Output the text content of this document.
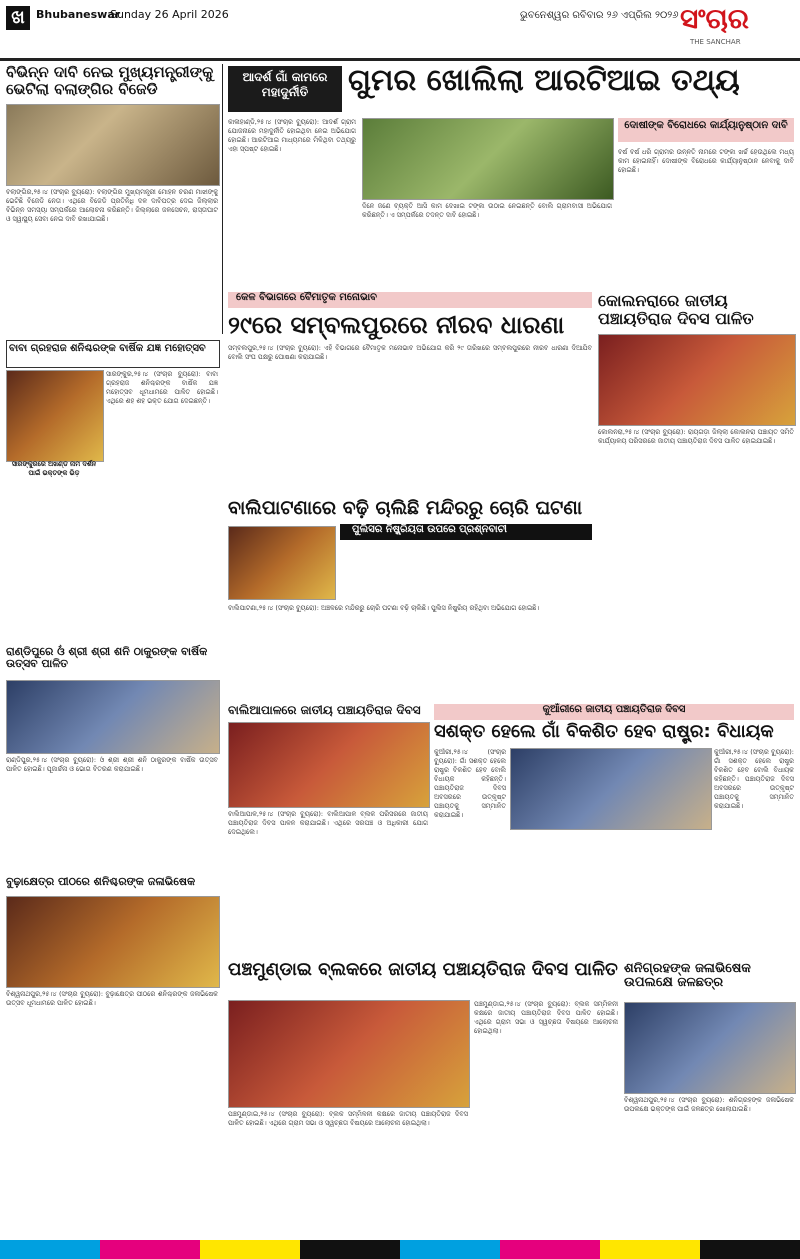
ଖ	Bhubaneswar
Sunday 26 April 2026	ଭୁବନେଶ୍ୱର ରବିବାର ୨୬ ଏପ୍ରିଲ ୨୦୨୬ ସଂଚାର
THE SANCHAR
ବିଭିନ୍ନ ଦାବି ନେଇ ମୁଖ୍ୟମନ୍ତ୍ରୀଙ୍କୁ ଭେଟିଲା ବଲାଙ୍ଗିର ବିଜେଡି
ବଲାଙ୍ଗିର,୨୫।୪ (ସଂଚାର ବ୍ୟୁରୋ): ବଲାଙ୍ଗିର ମୁଖ୍ୟମନ୍ତ୍ରୀ ମୋହନ ଚରଣ ମାଝୀଙ୍କୁ ଭେଟିଛି ବିଜେଡି ନେତା। ଏଥିରେ ବିଜେଡି ପ୍ରତିନିଧି ଦଳ ଦାବିପତ୍ର ଦେଇ ଜିଲ୍ଲାର ବିଭିନ୍ନ ସମସ୍ୟା ସମ୍ପର୍କରେ ଆଲୋଚନା କରିଛନ୍ତି। ଜିଲ୍ଲାରେ ଜଳସେଚନ, ରାସ୍ତାଘାଟ ଓ ସ୍ୱାସ୍ଥ୍ୟ ସେବା ନେଇ ଦାବି ରଖାଯାଇଛି।
ଆଦର୍ଶ ଗାଁ କାମରେ ମହାଦୁର୍ନୀତି	ଗୁମର ଖୋଲିଲା ଆରଟିଆଇ ତଥ୍ୟ
କାଳାହାଣ୍ଡି,୨୫।୪ (ସଂଚାର ବ୍ୟୁରୋ): ଆଦର୍ଶ ଗ୍ରାମ ଯୋଜନାରେ ମହାଦୁର୍ନୀତି ହୋଇଥିବା ନେଇ ଅଭିଯୋଗ ହୋଇଛି। ଆରଟିଆଇ ମାଧ୍ୟମରେ ମିଳିଥିବା ତଥ୍ୟରୁ ଏହା ସ୍ପଷ୍ଟ ହୋଇଛି।
ଦିନେ ଜଣେ ବ୍ୟକ୍ତି ଆସି କାମ ଦେଖାଇ ଟଙ୍କା ଉଠାଇ ନେଇଛନ୍ତି ବୋଲି ଗ୍ରାମବାସୀ ଅଭିଯୋଗ କରିଛନ୍ତି। ଏ ସମ୍ପର୍କରେ ତଦନ୍ତ ଦାବି ହୋଇଛି।
ଦୋଷୀଙ୍କ ବିରୋଧରେ କାର୍ଯ୍ୟାନୁଷ୍ଠାନ ଦାବି
ବର୍ଷ ବର୍ଷ ଧରି ଗ୍ରାମର ଉନ୍ନତି ନାମରେ ଟଙ୍କା ଖର୍ଚ୍ଚ ହେଉଥିଲେ ମଧ୍ୟ କାମ ହୋଇନାହିଁ। ଦୋଷୀଙ୍କ ବିରୋଧରେ କାର୍ଯ୍ୟାନୁଷ୍ଠାନ ନେବାକୁ ଦାବି ହୋଇଛି।
କେଳ ବିଭାଗରେ ବୈମାତୃକ ମନୋଭାବ
୨୯ରେ ସମ୍ବଲପୁରରେ ନୀରବ ଧାରଣା
ସମ୍ବଲପୁର,୨୫।୪ (ସଂଚାର ବ୍ୟୁରୋ): ଏହି ବିଭାଗରେ ବୈମାତୃକ ମନୋଭାବ ଅଭିଯୋଗ କରି ୨୯ ତାରିଖରେ ସମ୍ବଲପୁରରେ ନୀରବ ଧାରଣା ଦିଆଯିବ ବୋଲି ସଂଘ ପକ୍ଷରୁ ଘୋଷଣା କରାଯାଇଛି।
ବାବା ଗ୍ରହରାଜ ଶନିଶ୍ଚରଙ୍କ ବାର୍ଷିକ ଯଜ୍ଞ ମହୋତ୍ସବ
ସାରଙ୍କୁରରେ ଅଖଣ୍ଡ ନାମ ଦର୍ଶନ ପାଇଁ ଭକ୍ତଙ୍କ ଭିଡ଼
ସାରଙ୍କୁର,୨୫।୪ (ସଂଚାର ବ୍ୟୁରୋ): ବାବା ଗ୍ରହରାଜ ଶନିଶ୍ଚରଙ୍କ ବାର୍ଷିକ ଯଜ୍ଞ ମହୋତ୍ସବ ଧୂମଧାମରେ ପାଳିତ ହୋଇଛି। ଏଥିରେ ଶହ ଶହ ଭକ୍ତ ଯୋଗ ଦେଇଛନ୍ତି।
କୋଲନରାରେ ଜାତୀୟ ପଞ୍ଚାୟତିରାଜ ଦିବସ ପାଳିତ
କୋଲନରା,୨୫।୪ (ସଂଚାର ବ୍ୟୁରୋ): ରାୟଗଡ଼ା ଜିଲ୍ଲା କୋଲନରା ପଞ୍ଚାୟତ ସମିତି କାର୍ଯ୍ୟାଳୟ ପରିସରରେ ଜାତୀୟ ପଞ୍ଚାୟତିରାଜ ଦିବସ ପାଳିତ ହୋଇଯାଇଛି।
ବାଲିପାଟଣାରେ ବଢ଼ି ଚାଲିଛି ମନ୍ଦିରରୁ ଚୋରି ଘଟଣା
ପୁଲିସର ନିଷ୍କ୍ରିୟତା ଉପରେ ପ୍ରଶ୍ନବାଚୀ
ବାଲିପାଟଣା,୨୫।୪ (ସଂଚାର ବ୍ୟୁରୋ): ଅଞ୍ଚଳରେ ମନ୍ଦିରରୁ ଚୋରି ଘଟଣା ବଢ଼ି ଚାଲିଛି। ପୁଲିସ ନିଷ୍କ୍ରିୟ ରହିଥିବା ଅଭିଯୋଗ ହୋଇଛି।
ରାଣ୍ଡିପୁରେ ଓଁ ଶ୍ରୀ ଶ୍ରୀ ଶନି ଠାକୁରଙ୍କ ବାର୍ଷିକ ଉତ୍ସବ ପାଳିତ
ରାଣ୍ଡିପୁର,୨୫।୪ (ସଂଚାର ବ୍ୟୁରୋ): ଓଁ ଶ୍ରୀ ଶ୍ରୀ ଶନି ଠାକୁରଙ୍କ ବାର୍ଷିକ ଉତ୍ସବ ପାଳିତ ହୋଇଛି। ପୂଜାର୍ଚ୍ଚନା ଓ ଭୋଗ ବିତରଣ କରାଯାଇଛି।
ବାଲିଆପାଳରେ ଜାତୀୟ ପଞ୍ଚାୟତିରାଜ ଦିବସ
ବାଲିଆପାଳ,୨୫।୪ (ସଂଚାର ବ୍ୟୁରୋ): ବାଲିଆପାଳ ବ୍ଲକ ପରିସରରେ ଜାତୀୟ ପଞ୍ଚାୟତିରାଜ ଦିବସ ପାଳନ କରାଯାଇଛି। ଏଥିରେ ସରପଞ୍ଚ ଓ ଅଧିକାରୀ ଯୋଗ ଦେଇଥିଲେ।
କୁଆଁରୀରେ ଜାତୀୟ ପଞ୍ଚାୟତିରାଜ ଦିବସ
ସଶକ୍ତ ହେଲେ ଗାଁ ବିକଶିତ ହେବ ରାଷ୍ଟ୍ର: ବିଧାୟକ
କୁଆଁରୀ,୨୫।୪ (ସଂଚାର ବ୍ୟୁରୋ): ଗାଁ ସଶକ୍ତ ହେଲେ ରାଷ୍ଟ୍ର ବିକଶିତ ହେବ ବୋଲି ବିଧାୟକ କହିଛନ୍ତି। ପଞ୍ଚାୟତିରାଜ ଦିବସ ଅବସରରେ ଉତ୍କୃଷ୍ଟ ପଞ୍ଚାୟତକୁ ସମ୍ମାନିତ କରାଯାଇଛି।
କୁଆଁରୀ,୨୫।୪ (ସଂଚାର ବ୍ୟୁରୋ): ଗାଁ ସଶକ୍ତ ହେଲେ ରାଷ୍ଟ୍ର ବିକଶିତ ହେବ ବୋଲି ବିଧାୟକ କହିଛନ୍ତି। ପଞ୍ଚାୟତିରାଜ ଦିବସ ଅବସରରେ ଉତ୍କୃଷ୍ଟ ପଞ୍ଚାୟତକୁ ସମ୍ମାନିତ କରାଯାଇଛି।
ବୁଢ଼ାକ୍ଷେତ୍ର ପୀଠରେ ଶନିଶ୍ଚରଙ୍କ ଜଳାଭିଷେକ
ବିଶ୍ୱନାଥପୁର,୨୫।୪ (ସଂଚାର ବ୍ୟୁରୋ): ବୁଢ଼ାକ୍ଷେତ୍ର ପୀଠରେ ଶନିଶ୍ଚରଙ୍କ ଜଳାଭିଷେକ ଉତ୍ସବ ଧୂମଧାମରେ ପାଳିତ ହୋଇଛି।
ପଞ୍ଚମୁଣ୍ଡାଇ ବ୍ଲକରେ ଜାତୀୟ ପଞ୍ଚାୟତିରାଜ ଦିବସ ପାଳିତ
ପଞ୍ଚମୁଣ୍ଡାଇ,୨୫।୪ (ସଂଚାର ବ୍ୟୁରୋ): ବ୍ଲକ ସମ୍ମିଳନୀ କକ୍ଷରେ ଜାତୀୟ ପଞ୍ଚାୟତିରାଜ ଦିବସ ପାଳିତ ହୋଇଛି। ଏଥିରେ ଗ୍ରାମ ସଭା ଓ ସ୍ୱଚ୍ଛତା ବିଷୟରେ ଆଲୋଚନା ହୋଇଥିଲା।
ପଞ୍ଚମୁଣ୍ଡାଇ,୨୫।୪ (ସଂଚାର ବ୍ୟୁରୋ): ବ୍ଲକ ସମ୍ମିଳନୀ କକ୍ଷରେ ଜାତୀୟ ପଞ୍ଚାୟତିରାଜ ଦିବସ ପାଳିତ ହୋଇଛି। ଏଥିରେ ଗ୍ରାମ ସଭା ଓ ସ୍ୱଚ୍ଛତା ବିଷୟରେ ଆଲୋଚନା ହୋଇଥିଲା।
ଶନିଗ୍ରହଙ୍କ ଜଳାଭିଷେକ ଉପଲକ୍ଷେ ଜଳଛତ୍ର
ବିଶ୍ୱନାଥପୁର,୨୫।୪ (ସଂଚାର ବ୍ୟୁରୋ): ଶନିଗ୍ରହଙ୍କ ଜଳାଭିଷେକ ଉପଲକ୍ଷେ ଭକ୍ତଙ୍କ ପାଇଁ ଜଳଛତ୍ର ଖୋଲାଯାଇଛି।
